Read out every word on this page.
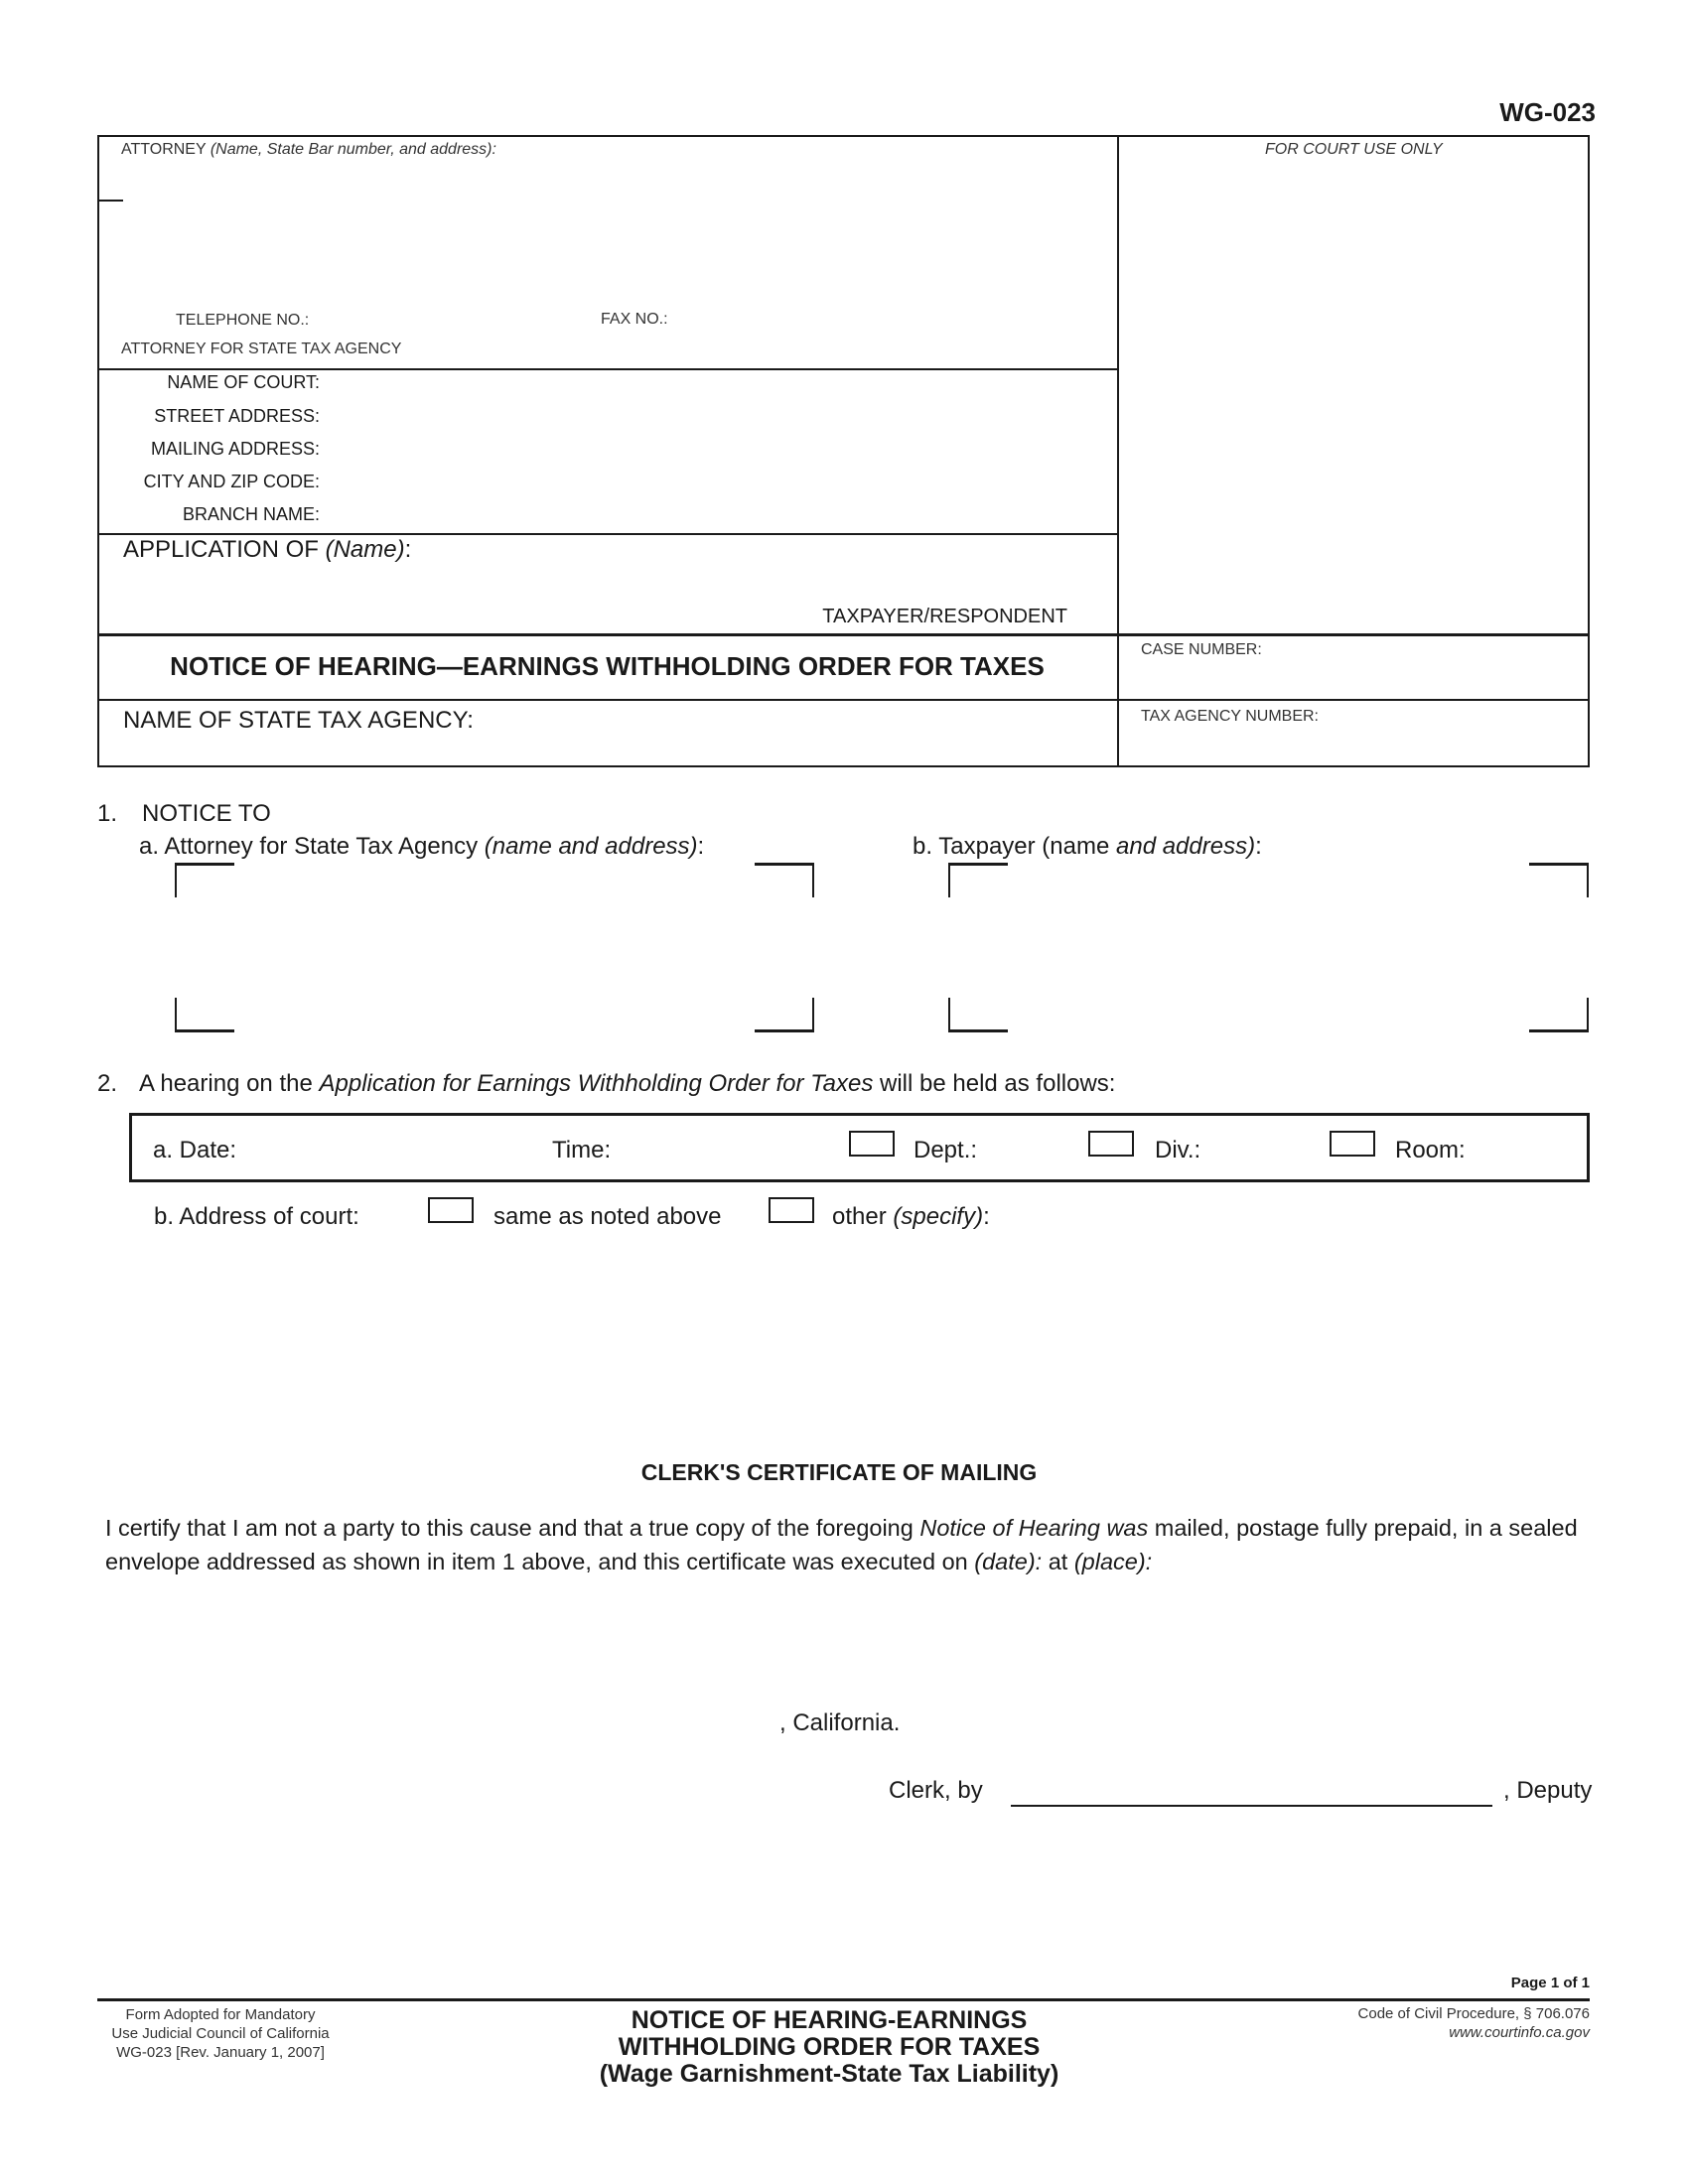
WG-023
ATTORNEY (Name, State Bar number, and address):	FOR COURT USE ONLY
TELEPHONE NO.:	FAX NO.:
ATTORNEY FOR STATE TAX AGENCY
NAME OF COURT:
STREET ADDRESS:
MAILING ADDRESS:
CITY AND ZIP CODE:
BRANCH NAME:
APPLICATION OF (Name):
TAXPAYER/RESPONDENT
NOTICE OF HEARING—EARNINGS WITHHOLDING ORDER FOR TAXES
CASE NUMBER:
NAME OF STATE TAX AGENCY:	TAX AGENCY NUMBER:
1. NOTICE TO
a. Attorney for State Tax Agency (name and address):	b. Taxpayer (name and address):
2. A hearing on the Application for Earnings Withholding Order for Taxes will be held as follows:
a. Date:	Time:	Dept.:	Div.:	Room:
b. Address of court:	same as noted above	other (specify):
CLERK'S CERTIFICATE OF MAILING
I certify that I am not a party to this cause and that a true copy of the foregoing Notice of Hearing was mailed, postage fully prepaid, in a sealed envelope addressed as shown in item 1 above, and this certificate was executed on (date): at (place):
, California.
Clerk, by	, Deputy
Page 1 of 1
Form Adopted for Mandatory
Use Judicial Council of California
WG-023 [Rev. January 1, 2007]
NOTICE OF HEARING-EARNINGS
WITHHOLDING ORDER FOR TAXES
(Wage Garnishment-State Tax Liability)
Code of Civil Procedure, § 706.076
www.courtinfo.ca.gov
